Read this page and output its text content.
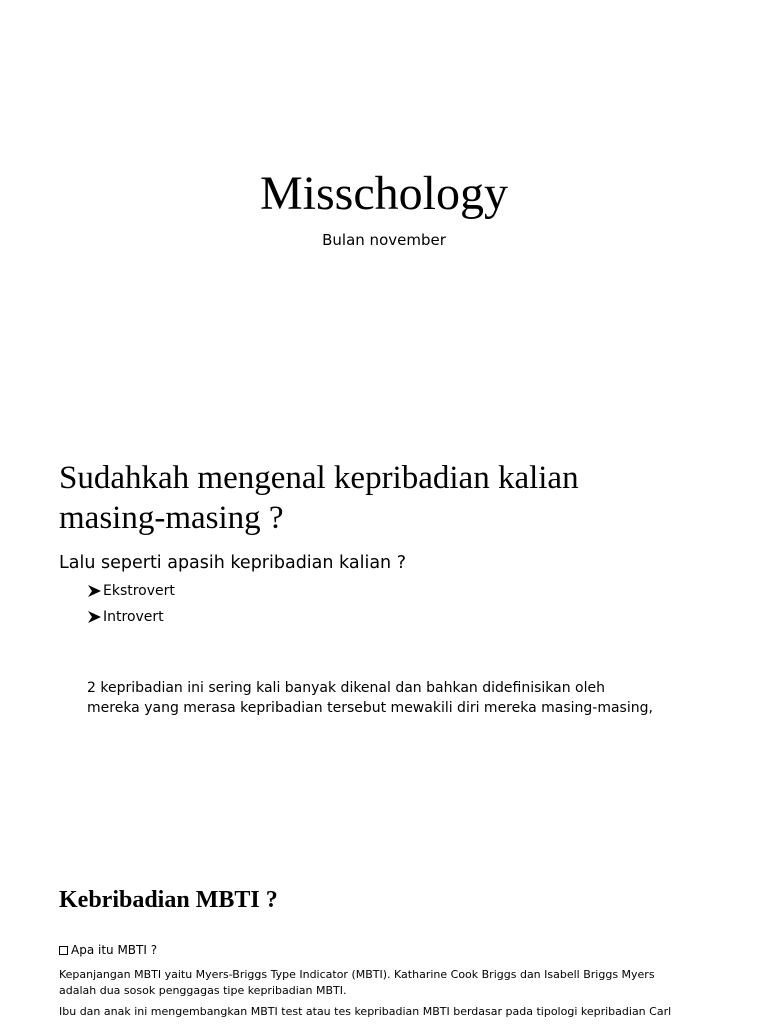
Misschology
Bulan november
Sudahkah mengenal kepribadian kalian
masing-masing ?
Lalu seperti apasih kepribadian kalian ?
Ekstrovert
Introvert
2 kepribadian ini sering kali banyak dikenal dan bahkan didefinisikan oleh
mereka yang merasa kepribadian tersebut mewakili diri mereka masing-masing,
Kebribadian MBTI ?
Apa itu MBTI ?
Kepanjangan MBTI yaitu Myers-Briggs Type Indicator (MBTI). Katharine Cook Briggs dan Isabell Briggs Myers
adalah dua sosok penggagas tipe kepribadian MBTI.
Ibu dan anak ini mengembangkan MBTI test atau tes kepribadian MBTI berdasar pada tipologi kepribadian Carl
